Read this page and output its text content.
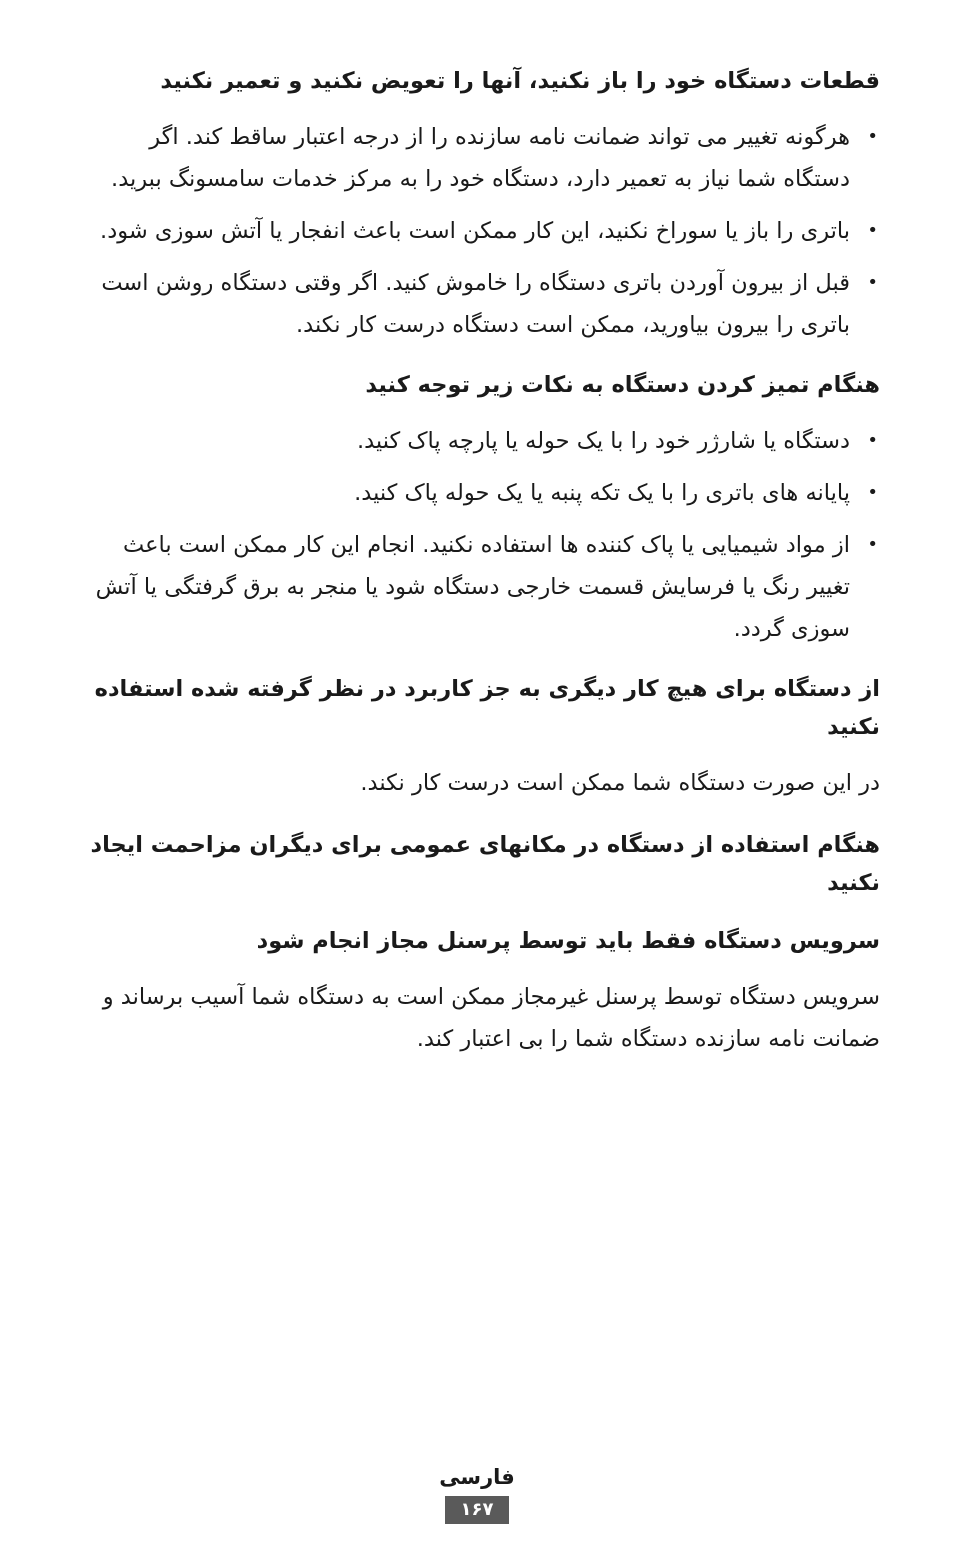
قطعات دستگاه خود را باز نکنید، آنها را تعویض نکنید و تعمیر نکنید
•
هرگونه تغییر می تواند ضمانت نامه سازنده را از درجه اعتبار ساقط کند. اگر دستگاه شما نیاز به تعمیر دارد، دستگاه خود را به مرکز خدمات سامسونگ ببرید.
•
باتری را باز یا سوراخ نکنید، این کار ممکن است باعث انفجار یا آتش سوزی شود.
•
قبل از بیرون آوردن باتری دستگاه را خاموش کنید. اگر وقتی دستگاه روشن است باتری را بیرون بیاورید، ممکن است دستگاه درست کار نکند.
هنگام تمیز کردن دستگاه به نکات زیر توجه کنید
•
دستگاه یا شارژر خود را با یک حوله یا پارچه پاک کنید.
•
پایانه های باتری را با یک تکه پنبه یا یک حوله پاک کنید.
•
از مواد شیمیایی یا پاک کننده ها استفاده نکنید. انجام این کار ممکن است باعث تغییر رنگ یا فرسایش قسمت خارجی دستگاه شود یا منجر به برق گرفتگی یا آتش سوزی گردد.
از دستگاه برای هیچ کار دیگری به جز کاربرد در نظر گرفته شده استفاده نکنید

در این صورت دستگاه شما ممکن است درست کار نکند.

هنگام استفاده از دستگاه در مکانهای عمومی برای دیگران مزاحمت ایجاد نکنید
سرویس دستگاه فقط باید توسط پرسنل مجاز انجام شود

سرویس دستگاه توسط پرسنل غیرمجاز ممکن است به دستگاه شما آسیب برساند و ضمانت نامه سازنده دستگاه شما را بی اعتبار کند.

فارسی
۱۶۷
